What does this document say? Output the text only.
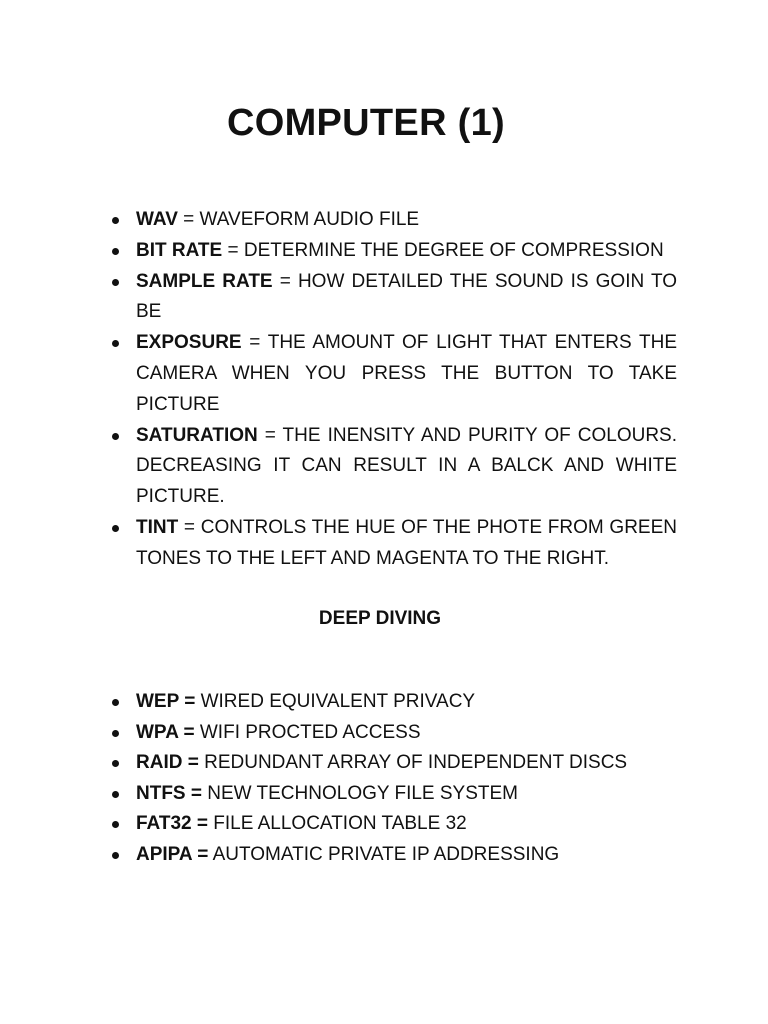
COMPUTER (1)
WAV = WAVEFORM AUDIO FILE
BIT RATE = DETERMINE THE DEGREE OF COMPRESSION
SAMPLE RATE = HOW DETAILED THE SOUND IS GOIN TO BE
EXPOSURE = THE AMOUNT OF LIGHT THAT ENTERS THE CAMERA WHEN YOU PRESS THE BUTTON TO TAKE PICTURE
SATURATION = THE INENSITY AND PURITY OF COLOURS. DECREASING IT CAN RESULT IN A BALCK AND WHITE PICTURE.
TINT = CONTROLS THE HUE OF THE PHOTE FROM GREEN TONES TO THE LEFT AND MAGENTA TO THE RIGHT.
DEEP DIVING
WEP = WIRED EQUIVALENT PRIVACY
WPA = WIFI PROCTED ACCESS
RAID = REDUNDANT ARRAY OF INDEPENDENT DISCS
NTFS = NEW TECHNOLOGY FILE SYSTEM
FAT32 = FILE ALLOCATION TABLE 32
APIPA = AUTOMATIC PRIVATE IP ADDRESSING
